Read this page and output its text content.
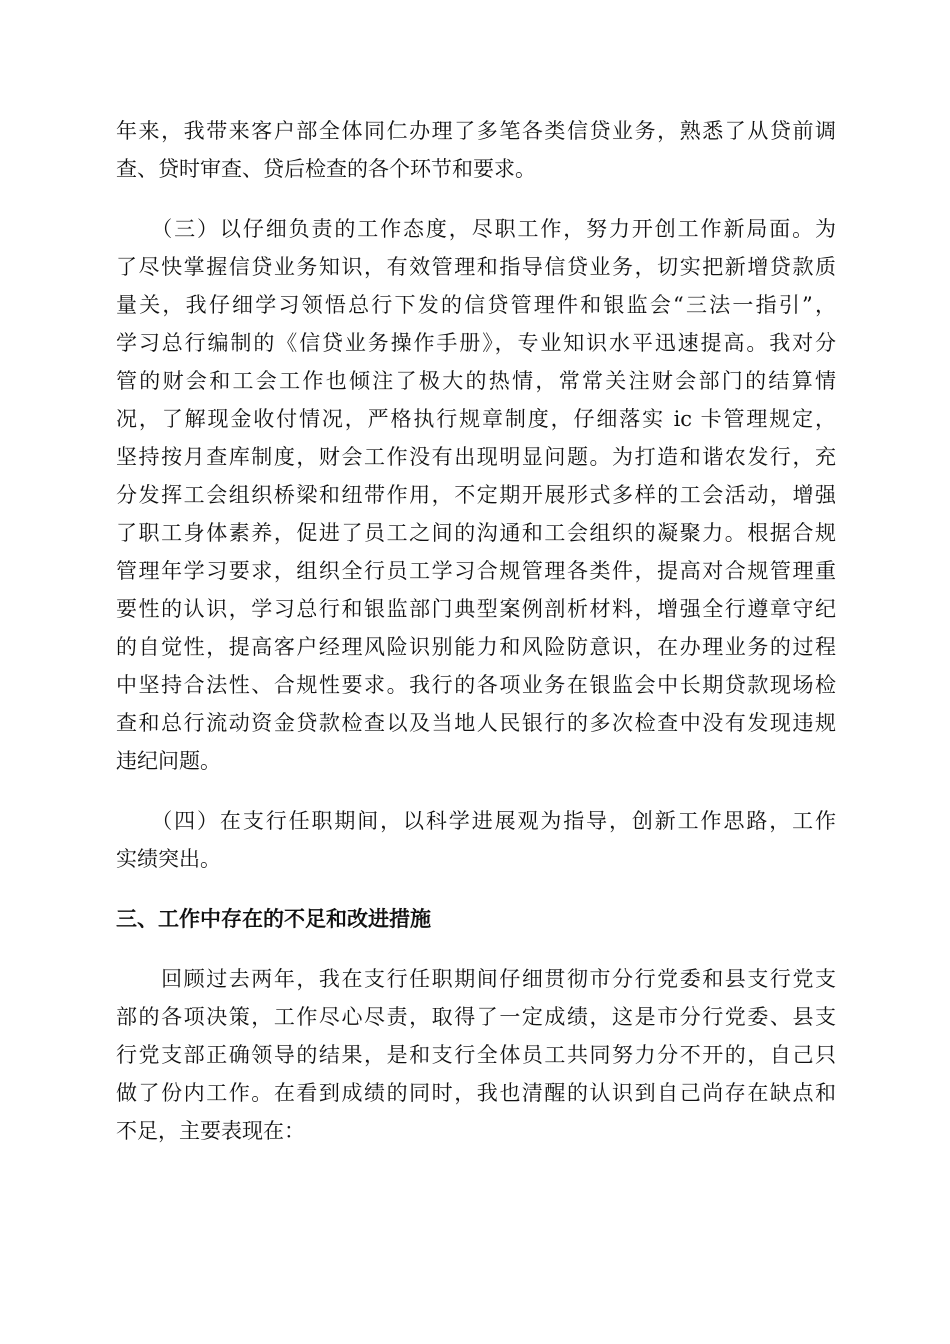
年来，我带来客户部全体同仁办理了多笔各类信贷业务，熟悉了从贷前调
查、贷时审查、贷后检查的各个环节和要求。
　　（三）以仔细负责的工作态度，尽职工作，努力开创工作新局面。为
了尽快掌握信贷业务知识，有效管理和指导信贷业务，切实把新增贷款质
量关，我仔细学习领悟总行下发的信贷管理件和银监会“三法一指引”，
学习总行编制的《信贷业务操作手册》，专业知识水平迅速提高。我对分
管的财会和工会工作也倾注了极大的热情，常常关注财会部门的结算情
况，了解现金收付情况，严格执行规章制度，仔细落实 ic 卡管理规定，
坚持按月查库制度，财会工作没有出现明显问题。为打造和谐农发行，充
分发挥工会组织桥梁和纽带作用，不定期开展形式多样的工会活动，增强
了职工身体素养，促进了员工之间的沟通和工会组织的凝聚力。根据合规
管理年学习要求，组织全行员工学习合规管理各类件，提高对合规管理重
要性的认识，学习总行和银监部门典型案例剖析材料，增强全行遵章守纪
的自觉性，提高客户经理风险识别能力和风险防意识，在办理业务的过程
中坚持合法性、合规性要求。我行的各项业务在银监会中长期贷款现场检
查和总行流动资金贷款检查以及当地人民银行的多次检查中没有发现违规
违纪问题。
　　（四）在支行任职期间，以科学进展观为指导，创新工作思路，工作
实绩突出。
三、工作中存在的不足和改进措施
　　回顾过去两年，我在支行任职期间仔细贯彻市分行党委和县支行党支
部的各项决策，工作尽心尽责，取得了一定成绩，这是市分行党委、县支
行党支部正确领导的结果，是和支行全体员工共同努力分不开的，自己只
做了份内工作。在看到成绩的同时，我也清醒的认识到自己尚存在缺点和
不足，主要表现在：
